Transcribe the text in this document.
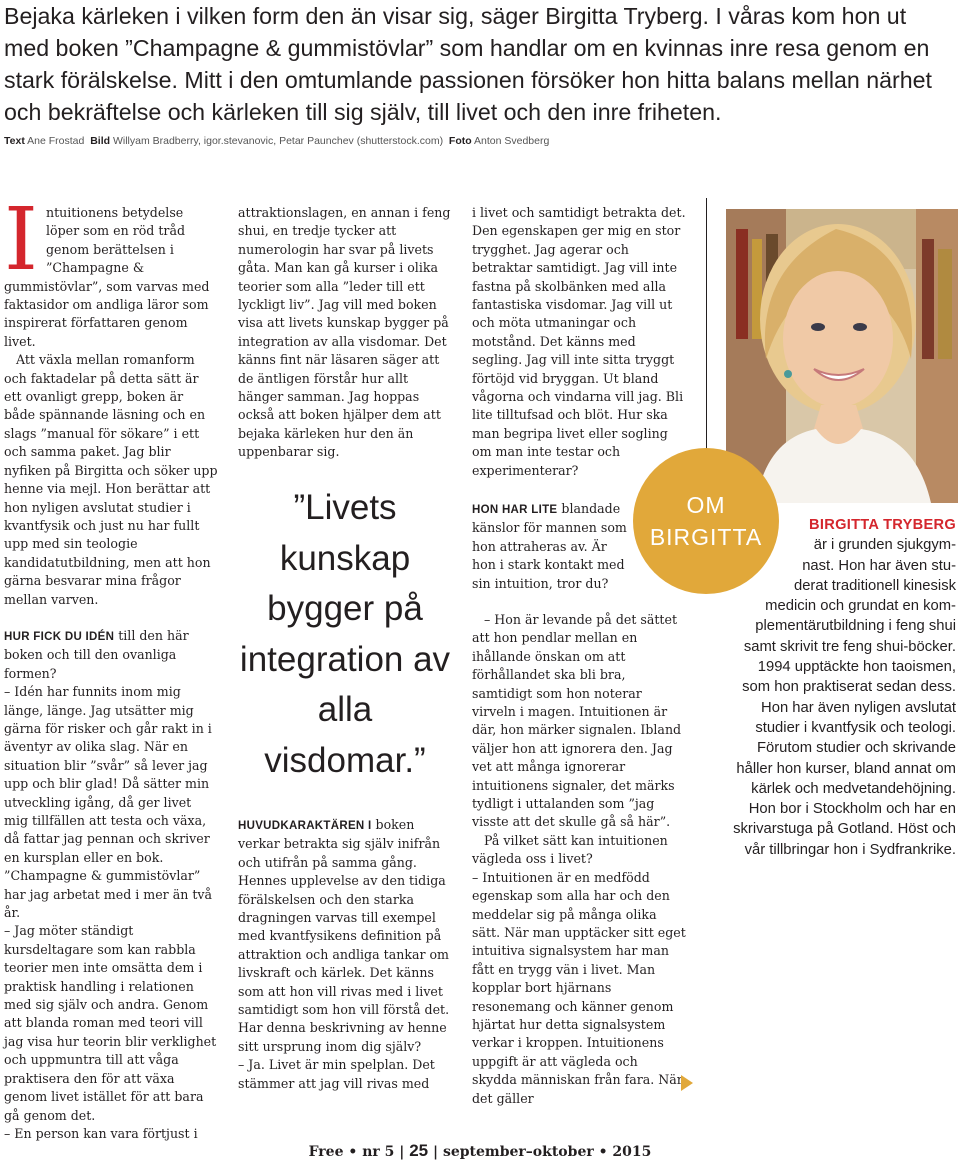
Bejaka kärleken i vilken form den än visar sig, säger Birgitta Tryberg. I våras kom hon ut med boken ”Champagne & gummistövlar” som handlar om en kvinnas inre resa genom en stark förälskelse. Mitt i den omtumlande passionen försöker hon hitta balans mellan närhet och bekräftelse och kärleken till sig själv, till livet och den inre friheten.

Text Ane Frostad Bild Willyam Bradberry, igor.stevanovic, Petar Paunchev (shutterstock.com) Foto Anton Svedberg

Intuitionens betydelse löper som en röd tråd genom berättelsen i ”Champagne & gummistövlar”, som varvas med faktasidor om andliga läror som inspirerat författaren genom livet.

Att växla mellan romanform och faktadelar på detta sätt är ett ovanligt grepp, boken är både spännande läsning och en slags ”manual för sökare” i ett och samma paket. Jag blir nyfiken på Birgitta och söker upp henne via mejl. Hon berättar att hon nyligen avslutat studier i kvantfysik och just nu har fullt upp med sin teologie kandidatutbildning, men att hon gärna besvarar mina frågor mellan varven.

HUR FICK DU IDÉN till den här boken och till den ovanliga formen?

– Idén har funnits inom mig länge, länge. Jag utsätter mig gärna för risker och går rakt in i äventyr av olika slag. När en situation blir ”svår” så lever jag upp och blir glad! Då sätter min utveckling igång, då ger livet mig tillfällen att testa och växa, då fattar jag pennan och skriver en kursplan eller en bok. ”Champagne & gummistövlar” har jag arbetat med i mer än två år.

– Jag möter ständigt kursdeltagare som kan rabbla teorier men inte omsätta dem i praktisk handling i relationen med sig själv och andra. Genom att blanda roman med teori vill jag visa hur teorin blir verklighet och uppmuntra till att våga praktisera den för att växa genom livet istället för att bara gå genom det.

– En person kan vara förtjust i

attraktionslagen, en annan i feng shui, en tredje tycker att numerologin har svar på livets gåta. Man kan gå kurser i olika teorier som alla ”leder till ett lyckligt liv”. Jag vill med boken visa att livets kunskap bygger på integration av alla visdomar. Det känns fint när läsaren säger att de äntligen förstår hur allt hänger samman. Jag hoppas också att boken hjälper dem att bejaka kärleken hur den än uppenbarar sig.

”Livets kunskap bygger på integration av alla visdomar.”

HUVUDKARAKTÄREN I boken verkar betrakta sig själv inifrån och utifrån på samma gång. Hennes upplevelse av den tidiga förälskelsen och den starka dragningen varvas till exempel med kvantfysikens definition på attraktion och andliga tankar om livskraft och kärlek. Det känns som att hon vill rivas med i livet samtidigt som hon vill förstå det. Har denna beskrivning av henne sitt ursprung inom dig själv?

– Ja. Livet är min spelplan. Det stämmer att jag vill rivas med

i livet och samtidigt betrakta det. Den egenskapen ger mig en stor trygghet. Jag agerar och betraktar samtidigt. Jag vill inte fastna på skolbänken med alla fantastiska visdomar. Jag vill ut och möta utmaningar och motstånd. Det känns med segling. Jag vill inte sitta tryggt förtöjd vid bryggan. Ut bland vågorna och vindarna vill jag. Bli lite tilltufsad och blöt. Hur ska man begripa livet eller sogling om man inte testar och experimenterar?

HON HAR LITE blandade känslor för mannen som hon attraheras av. Är hon i stark kontakt med sin intuition, tror du?

– Hon är levande på det sättet att hon pendlar mellan en ihållande önskan om att förhållandet ska bli bra, samtidigt som hon noterar virveln i magen. Intuitionen är där, hon märker signalen. Ibland väljer hon att ignorera den. Jag vet att många ignorerar intuitionens signaler, det märks tydligt i uttalanden som ”jag visste att det skulle gå så här”.

På vilket sätt kan intuitionen vägleda oss i livet?

– Intuitionen är en medfödd egenskap som alla har och den meddelar sig på många olika sätt. När man upptäcker sitt eget intuitiva signalsystem har man fått en trygg vän i livet. Man kopplar bort hjärnans resonemang och känner genom hjärtat hur detta signalsystem verkar i kroppen. Intuitionens uppgift är att vägleda och skydda människan från fara. När det gäller

OM
BIRGITTA	BIRGITTA TRYBERG
är i grunden sjukgym-
nast. Hon har även stu-
derat traditionell kinesisk
medicin och grundat en kom-
plementärutbildning i feng shui
samt skrivit tre feng shui-böcker.
1994 upptäckte hon taoismen,
som hon praktiserat sedan dess.
Hon har även nyligen avslutat
studier i kvantfysik och teologi.
Förutom studier och skrivande
håller hon kurser, bland annat om
kärlek och medvetandehöjning.
Hon bor i Stockholm och har en
skrivarstuga på Gotland. Höst och
vår tillbringar hon i Sydfrankrike.
Free • nr 5 | 25 | september–oktober • 2015
